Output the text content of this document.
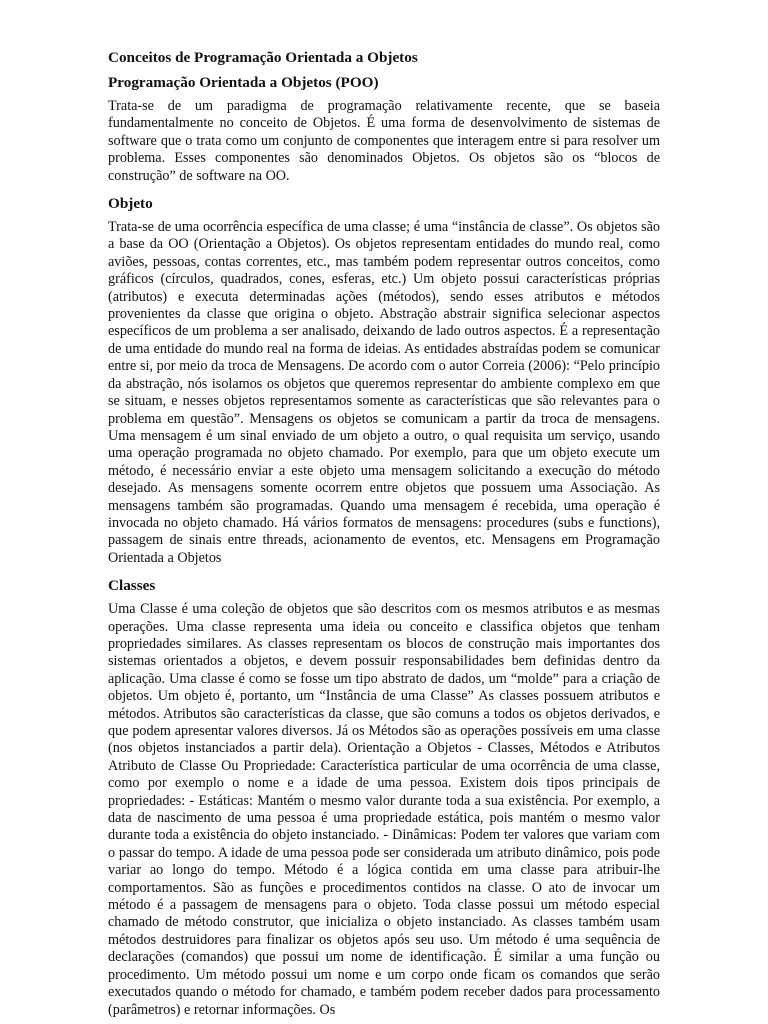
Conceitos de Programação Orientada a Objetos
Programação Orientada a Objetos (POO)

Trata-se de um paradigma de programação relativamente recente, que se baseia fundamentalmente no conceito de Objetos. É uma forma de desenvolvimento de sistemas de software que o trata como um conjunto de componentes que interagem entre si para resolver um problema. Esses componentes são denominados Objetos. Os objetos são os “blocos de construção” de software na OO.

Objeto

Trata-se de uma ocorrência específica de uma classe; é uma “instância de classe”. Os objetos são a base da OO (Orientação a Objetos). Os objetos representam entidades do mundo real, como aviões, pessoas, contas correntes, etc., mas também podem representar outros conceitos, como gráficos (círculos, quadrados, cones, esferas, etc.) Um objeto possui características próprias (atributos) e executa determinadas ações (métodos), sendo esses atributos e métodos provenientes da classe que origina o objeto. Abstração abstrair significa selecionar aspectos específicos de um problema a ser analisado, deixando de lado outros aspectos. É a representação de uma entidade do mundo real na forma de ideias. As entidades abstraídas podem se comunicar entre si, por meio da troca de Mensagens. De acordo com o autor Correia (2006): “Pelo princípio da abstração, nós isolamos os objetos que queremos representar do ambiente complexo em que se situam, e nesses objetos representamos somente as características que são relevantes para o problema em questão”. Mensagens os objetos se comunicam a partir da troca de mensagens. Uma mensagem é um sinal enviado de um objeto a outro, o qual requisita um serviço, usando uma operação programada no objeto chamado. Por exemplo, para que um objeto execute um método, é necessário enviar a este objeto uma mensagem solicitando a execução do método desejado. As mensagens somente ocorrem entre objetos que possuem uma Associação. As mensagens também são programadas. Quando uma mensagem é recebida, uma operação é invocada no objeto chamado. Há vários formatos de mensagens: procedures (subs e functions), passagem de sinais entre threads, acionamento de eventos, etc. Mensagens em Programação Orientada a Objetos

Classes

Uma Classe é uma coleção de objetos que são descritos com os mesmos atributos e as mesmas operações. Uma classe representa uma ideia ou conceito e classifica objetos que tenham propriedades similares. As classes representam os blocos de construção mais importantes dos sistemas orientados a objetos, e devem possuir responsabilidades bem definidas dentro da aplicação. Uma classe é como se fosse um tipo abstrato de dados, um “molde” para a criação de objetos. Um objeto é, portanto, um “Instância de uma Classe” As classes possuem atributos e métodos. Atributos são características da classe, que são comuns a todos os objetos derivados, e que podem apresentar valores diversos. Já os Métodos são as operações possíveis em uma classe (nos objetos instanciados a partir dela). Orientação a Objetos - Classes, Métodos e Atributos Atributo de Classe Ou Propriedade: Característica particular de uma ocorrência de uma classe, como por exemplo o nome e a idade de uma pessoa. Existem dois tipos principais de propriedades: - Estáticas: Mantém o mesmo valor durante toda a sua existência. Por exemplo, a data de nascimento de uma pessoa é uma propriedade estática, pois mantém o mesmo valor durante toda a existência do objeto instanciado. - Dinâmicas: Podem ter valores que variam com o passar do tempo. A idade de uma pessoa pode ser considerada um atributo dinâmico, pois pode variar ao longo do tempo. Método é a lógica contida em uma classe para atribuir-lhe comportamentos. São as funções e procedimentos contidos na classe. O ato de invocar um método é a passagem de mensagens para o objeto. Toda classe possui um método especial chamado de método construtor, que inicializa o objeto instanciado. As classes também usam métodos destruidores para finalizar os objetos após seu uso. Um método é uma sequência de declarações (comandos) que possui um nome de identificação. É similar a uma função ou procedimento. Um método possui um nome e um corpo onde ficam os comandos que serão executados quando o método for chamado, e também podem receber dados para processamento (parâmetros) e retornar informações. Os
